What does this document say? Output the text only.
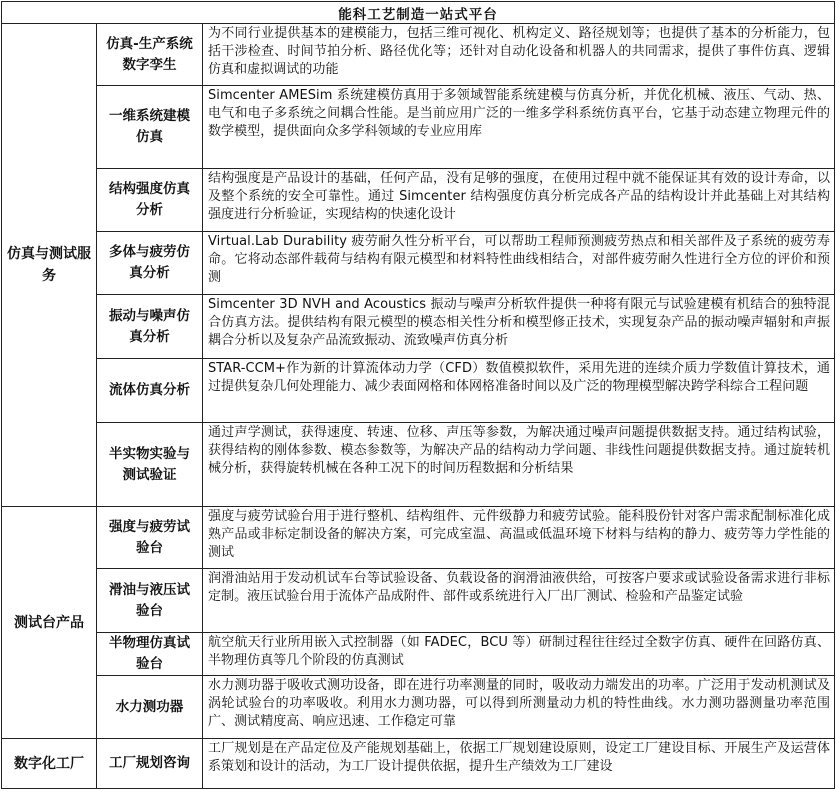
能科工艺制造一站式平台		
仿真与测试服务	仿真-生产系统数字孪生	为不同行业提供基本的建模能力，包括三维可视化、机构定义、路径规划等；也提供了基本的分析能力，包括干涉检查、时间节拍分析、路径优化等；还针对自动化设备和机器人的共同需求，提供了事件仿真、逻辑仿真和虚拟调试的功能
	一维系统建模仿真	Simcenter AMESim 系统建模仿真用于多领域智能系统建模与仿真分析，并优化机械、液压、气动、热、电气和电子多系统之间耦合性能。是当前应用广泛的一维多学科系统仿真平台，它基于动态建立物理元件的数学模型，提供面向众多学科领域的专业应用库
	结构强度仿真分析	结构强度是产品设计的基础，任何产品，没有足够的强度，在使用过程中就不能保证其有效的设计寿命，以及整个系统的安全可靠性。通过 Simcenter 结构强度仿真分析完成各产品的结构设计并此基础上对其结构强度进行分析验证，实现结构的快速化设计
	多体与疲劳仿真分析	Virtual.Lab Durability 疲劳耐久性分析平台，可以帮助工程师预测疲劳热点和相关部件及子系统的疲劳寿命。它将动态部件载荷与结构有限元模型和材料特性曲线相结合，对部件疲劳耐久性进行全方位的评价和预测
	振动与噪声仿真分析	Simcenter 3D NVH and Acoustics 振动与噪声分析软件提供一种将有限元与试验建模有机结合的独特混合仿真方法。提供结构有限元模型的模态相关性分析和模型修正技术，实现复杂产品的振动噪声辐射和声振耦合分析以及复杂产品流致振动、流致噪声仿真分析
	流体仿真分析	STAR-CCM+作为新的计算流体动力学（CFD）数值模拟软件，采用先进的连续介质力学数值计算技术，通过提供复杂几何处理能力、减少表面网格和体网格准备时间以及广泛的物理模型解决跨学科综合工程问题
	半实物实验与测试验证	通过声学测试，获得速度、转速、位移、声压等参数，为解决通过噪声问题提供数据支持。通过结构试验，获得结构的刚体参数、模态参数等，为解决产品的结构动力学问题、非线性问题提供数据支持。通过旋转机械分析，获得旋转机械在各种工况下的时间历程数据和分析结果
测试台产品	强度与疲劳试验台	强度与疲劳试验台用于进行整机、结构组件、元件级静力和疲劳试验。能科股份针对客户需求配制标准化成熟产品或非标定制设备的解决方案，可完成室温、高温或低温环境下材料与结构的静力、疲劳等力学性能的测试
	滑油与液压试验台	润滑油站用于发动机试车台等试验设备、负载设备的润滑油液供给，可按客户要求或试验设备需求进行非标定制。液压试验台用于流体产品成附件、部件或系统进行入厂出厂测试、检验和产品鉴定试验
	半物理仿真试验台	航空航天行业所用嵌入式控制器（如 FADEC，BCU 等）研制过程往往经过全数字仿真、硬件在回路仿真、半物理仿真等几个阶段的仿真测试
	水力测功器	水力测功器于吸收式测功设备，即在进行功率测量的同时，吸收动力端发出的功率。广泛用于发动机测试及涡轮试验台的功率吸收。利用水力测功器，可以得到所测量动力机的特性曲线。水力测功器测量功率范围广、测试精度高、响应迅速、工作稳定可靠
数字化工厂	工厂规划咨询	工厂规划是在产品定位及产能规划基础上，依据工厂规划建设原则，设定工厂建设目标、开展生产及运营体系策划和设计的活动，为工厂设计提供依据，提升生产绩效为工厂建设
